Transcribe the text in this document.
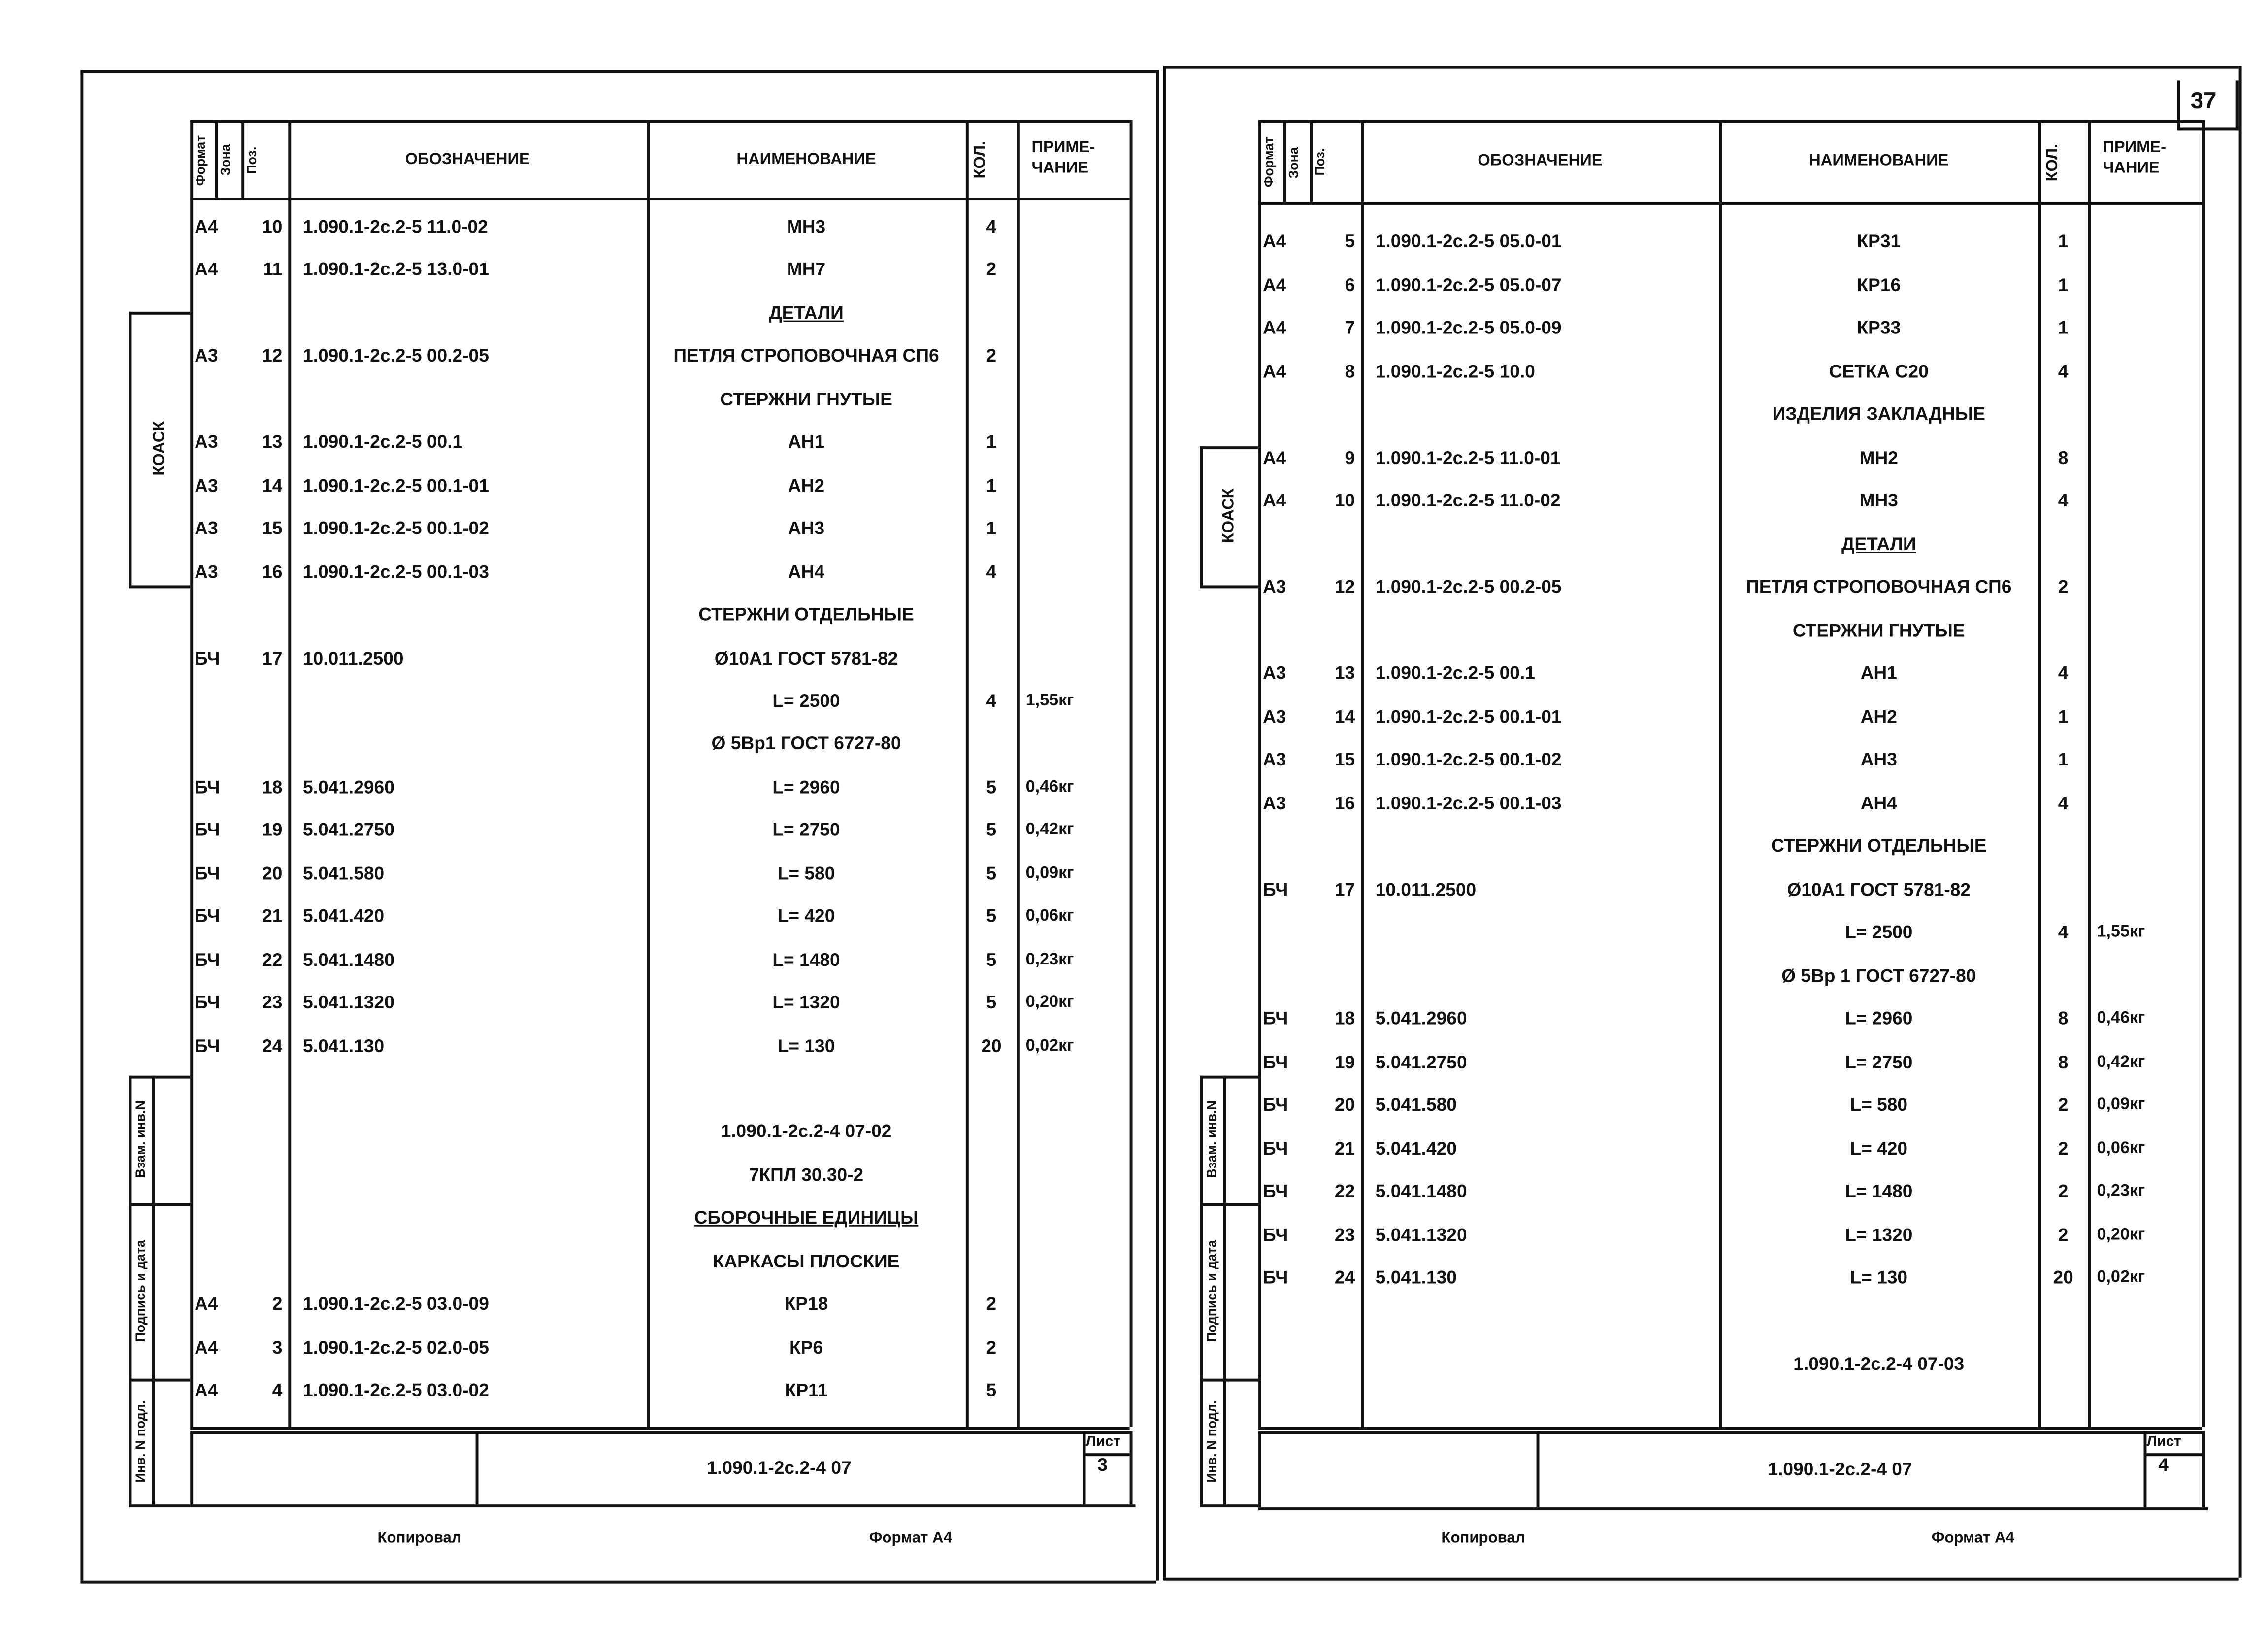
37
Формат	Зона	Поз.	ОБОЗНАЧЕНИЕ	НАИМЕНОВАНИЕ	КОЛ.	ПРИМЕ-
ЧАНИЕ
А4	10	1.090.1-2с.2-5 11.0-02	МН3	4
А4	11	1.090.1-2с.2-5 13.0-01	МН7	2
ДЕТАЛИ
А3	12	1.090.1-2с.2-5 00.2-05	ПЕТЛЯ СТРОПОВОЧНАЯ СП6	2
СТЕРЖНИ ГНУТЫЕ
А3	13	1.090.1-2с.2-5 00.1	АН1	1
А3	14	1.090.1-2с.2-5 00.1-01	АН2	1
А3	15	1.090.1-2с.2-5 00.1-02	АН3	1
А3	16	1.090.1-2с.2-5 00.1-03	АН4	4
СТЕРЖНИ ОТДЕЛЬНЫЕ
БЧ	17	10.011.2500	Ø10А1 ГОСТ 5781-82
L= 2500	4	1,55кг
Ø 5Вр1 ГОСТ 6727-80
БЧ	18	5.041.2960	L= 2960	5	0,46кг
БЧ	19	5.041.2750	L= 2750	5	0,42кг
БЧ	20	5.041.580	L= 580	5	0,09кг
БЧ	21	5.041.420	L= 420	5	0,06кг
БЧ	22	5.041.1480	L= 1480	5	0,23кг
БЧ	23	5.041.1320	L= 1320	5	0,20кг
БЧ	24	5.041.130	L= 130	20	0,02кг
1.090.1-2с.2-4 07-02
7КПЛ 30.30-2
СБОРОЧНЫЕ ЕДИНИЦЫ
КАРКАСЫ ПЛОСКИЕ
А4	2	1.090.1-2с.2-5 03.0-09	КР18	2
А4	3	1.090.1-2с.2-5 02.0-05	КР6	2
А4	4	1.090.1-2с.2-5 03.0-02	КР11	5
1.090.1-2с.2-4 07
Лист
3
Копировал	Формат А4
КОАСК
Взам. инв.N
Подпись и дата
Инв. N подл.
Формат	Зона	Поз.	ОБОЗНАЧЕНИЕ	НАИМЕНОВАНИЕ	КОЛ.	ПРИМЕ-
ЧАНИЕ
А4	5	1.090.1-2с.2-5 05.0-01	КР31	1
А4	6	1.090.1-2с.2-5 05.0-07	КР16	1
А4	7	1.090.1-2с.2-5 05.0-09	КР33	1
А4	8	1.090.1-2с.2-5 10.0	СЕТКА С20	4
ИЗДЕЛИЯ ЗАКЛАДНЫЕ
А4	9	1.090.1-2с.2-5 11.0-01	МН2	8
А4	10	1.090.1-2с.2-5 11.0-02	МН3	4
ДЕТАЛИ
А3	12	1.090.1-2с.2-5 00.2-05	ПЕТЛЯ СТРОПОВОЧНАЯ СП6	2
СТЕРЖНИ ГНУТЫЕ
А3	13	1.090.1-2с.2-5 00.1	АН1	4
А3	14	1.090.1-2с.2-5 00.1-01	АН2	1
А3	15	1.090.1-2с.2-5 00.1-02	АН3	1
А3	16	1.090.1-2с.2-5 00.1-03	АН4	4
СТЕРЖНИ ОТДЕЛЬНЫЕ
БЧ	17	10.011.2500	Ø10А1 ГОСТ 5781-82
L= 2500	4	1,55кг
Ø 5Вр 1 ГОСТ 6727-80
БЧ	18	5.041.2960	L= 2960	8	0,46кг
БЧ	19	5.041.2750	L= 2750	8	0,42кг
БЧ	20	5.041.580	L= 580	2	0,09кг
БЧ	21	5.041.420	L= 420	2	0,06кг
БЧ	22	5.041.1480	L= 1480	2	0,23кг
БЧ	23	5.041.1320	L= 1320	2	0,20кг
БЧ	24	5.041.130	L= 130	20	0,02кг
1.090.1-2с.2-4 07-03
1.090.1-2с.2-4 07
Лист
4
Копировал	Формат А4
КОАСК
Взам. инв.N
Подпись и дата
Инв. N подл.
